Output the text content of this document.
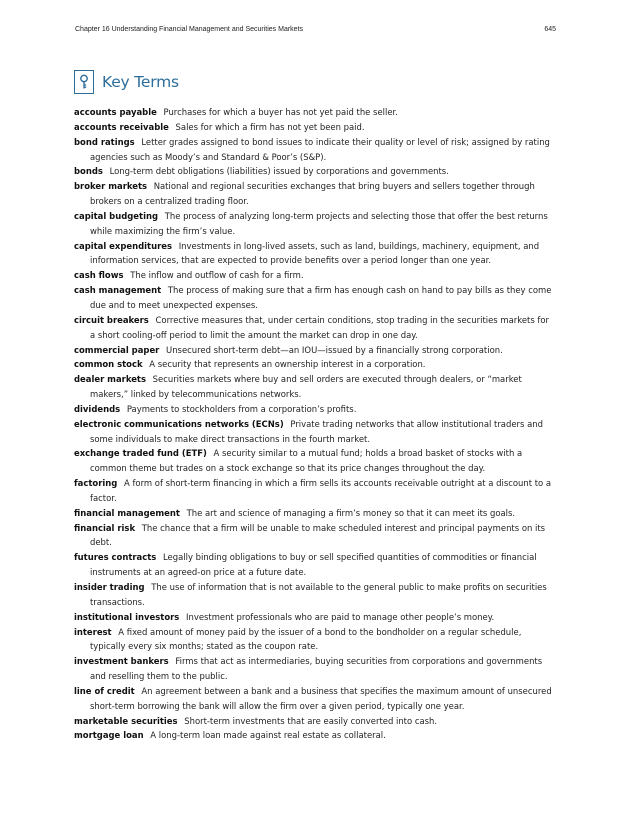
Chapter 16 Understanding Financial Management and Securities Markets	645
Key Terms

accounts payable Purchases for which a buyer has not yet paid the seller.

accounts receivable Sales for which a firm has not yet been paid.

bond ratings Letter grades assigned to bond issues to indicate their quality or level of risk; assigned by rating agencies such as Moody’s and Standard & Poor’s (S&P).

bonds Long-term debt obligations (liabilities) issued by corporations and governments.

broker markets National and regional securities exchanges that bring buyers and sellers together through brokers on a centralized trading floor.

capital budgeting The process of analyzing long-term projects and selecting those that offer the best returns while maximizing the firm’s value.

capital expenditures Investments in long-lived assets, such as land, buildings, machinery, equipment, and information services, that are expected to provide benefits over a period longer than one year.

cash flows The inflow and outflow of cash for a firm.

cash management The process of making sure that a firm has enough cash on hand to pay bills as they come due and to meet unexpected expenses.

circuit breakers Corrective measures that, under certain conditions, stop trading in the securities markets for a short cooling-off period to limit the amount the market can drop in one day.

commercial paper Unsecured short-term debt—an IOU—issued by a financially strong corporation.

common stock A security that represents an ownership interest in a corporation.

dealer markets Securities markets where buy and sell orders are executed through dealers, or “market makers,” linked by telecommunications networks.

dividends Payments to stockholders from a corporation’s profits.

electronic communications networks (ECNs) Private trading networks that allow institutional traders and some individuals to make direct transactions in the fourth market.

exchange traded fund (ETF) A security similar to a mutual fund; holds a broad basket of stocks with a common theme but trades on a stock exchange so that its price changes throughout the day.

factoring A form of short-term financing in which a firm sells its accounts receivable outright at a discount to a factor.

financial management The art and science of managing a firm’s money so that it can meet its goals.

financial risk The chance that a firm will be unable to make scheduled interest and principal payments on its debt.

futures contracts Legally binding obligations to buy or sell specified quantities of commodities or financial instruments at an agreed-on price at a future date.

insider trading The use of information that is not available to the general public to make profits on securities transactions.

institutional investors Investment professionals who are paid to manage other people’s money.

interest A fixed amount of money paid by the issuer of a bond to the bondholder on a regular schedule, typically every six months; stated as the coupon rate.

investment bankers Firms that act as intermediaries, buying securities from corporations and governments and reselling them to the public.

line of credit An agreement between a bank and a business that specifies the maximum amount of unsecured short-term borrowing the bank will allow the firm over a given period, typically one year.

marketable securities Short-term investments that are easily converted into cash.

mortgage loan A long-term loan made against real estate as collateral.
